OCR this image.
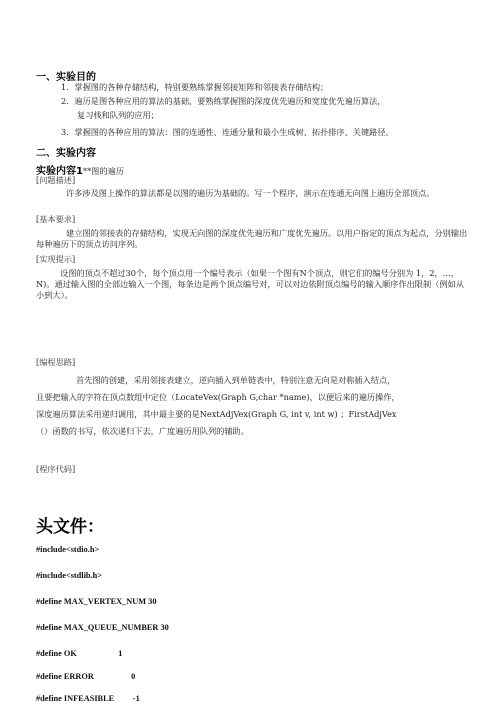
一、实验目的
1．掌握图的各种存储结构，特别要熟练掌握邻接矩阵和邻接表存储结构；
2．遍历是图各种应用的算法的基础，要熟练掌握图的深度优先遍历和宽度优先遍历算法，
复习栈和队列的应用；
3．掌握图的各种应用的算法：图的连通性、连通分量和最小生成树、拓扑排序、关键路径。
二、实验内容
实验内容1**图的遍历
[问题描述]
许多涉及图上操作的算法都是以图的遍历为基础的。写一个程序，演示在连通无向图上遍历全部顶点。
[基本要求]
建立图的邻接表的存储结构，实现无向图的深度优先遍历和广度优先遍历。以用户指定的顶点为起点，分别输出每种遍历下的顶点访问序列。
[实现提示]
设图的顶点不超过30个，每个顶点用一个编号表示（如果一个图有N个顶点，则它们的编号分别为 1，2，…，N)。通过输入图的全部边输入一个图，每条边是两个顶点编号对，可以对边依附顶点编号的输入顺序作出限制（例如从小到大）。
[编程思路]
首先图的创建，采用邻接表建立，逆向插入到单链表中，特别注意无向是对称插入结点，
且要把输入的字符在顶点数组中定位（LocateVex(Graph G,char *name)，以便后来的遍历操作，
深度遍历算法采用递归调用，其中最主要的是NextAdjVex(Graph G, int v, int w) ；FirstAdjVex
（）函数的书写，依次递归下去，广度遍历用队列的辅助。
[程序代码]
头文件：
#include<stdio.h>
#include<stdlib.h>
#define MAX_VERTEX_NUM 30
#define MAX_QUEUE_NUMBER 30
#define OK                    1
#define ERROR                  0
#define INFEASIBLE         -1
